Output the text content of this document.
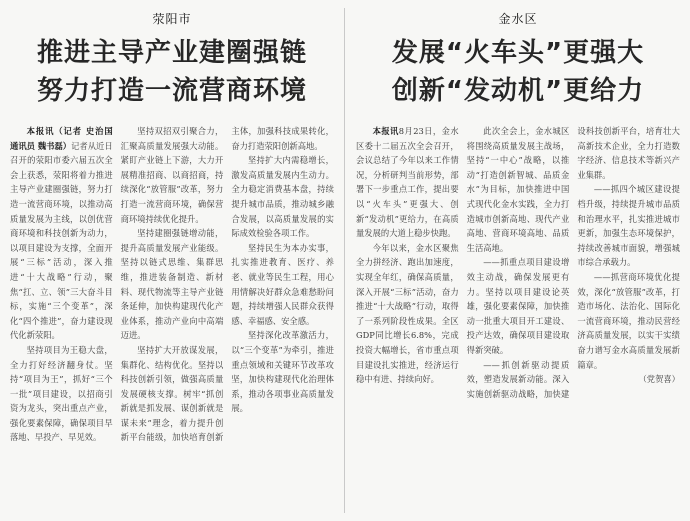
荥阳市
推进主导产业建圈强链
努力打造一流营商环境

本报讯（记者 史治国 通讯员 魏书磊）记者从近日召开的荥阳市委六届五次全会上获悉，荥阳将着力推进主导产业建圈强链，努力打造一流营商环境，以推动高质量发展为主线，以创优营商环境和科技创新为动力，以项目建设为支撑，全面开展“三标”活动，深入推进“十大战略”行动，聚焦“扛、立、领”三大奋斗目标，实施“三个变革”，深化“四个推进”，奋力建设现代化新荥阳。

坚持项目为王稳大盘，全力打好经济翻身仗。坚持“项目为王”，抓好“三个一批”项目建设，以招商引资为龙头，突出重点产业，强化要素保障，确保项目早落地、早投产、早见效。

坚持双招双引聚合力，汇聚高质量发展强大动能。紧盯产业链上下游，大力开展精准招商、以商招商，持续深化“放管服”改革，努力打造一流营商环境，确保营商环境持续优化提升。

坚持建圈强链增动能，提升高质量发展产业能级。坚持以链式思维、集群思维，推进装备制造、新材料、现代物流等主导产业链条延伸，加快构建现代化产业体系，推动产业向中高端迈进。

坚持扩大开放谋发展，集群化、结构优化。坚持以科技创新引领，做强高质量发展硬核支撑。树牢“抓创新就是抓发展、谋创新就是谋未来”理念，着力提升创新平台能级，加快培育创新主体，加强科技成果转化，奋力打造荥阳创新高地。

坚持扩大内需稳增长，激发高质量发展内生动力。全力稳定消费基本盘，持续提升城市品质，推动城乡融合发展，以高质量发展的实际成效检验各项工作。

坚持民生为本办实事，扎实推进教育、医疗、养老、就业等民生工程，用心用情解决好群众急难愁盼问题，持续增强人民群众获得感、幸福感、安全感。

坚持深化改革激活力，以“三个变革”为牵引，推进重点领域和关键环节改革攻坚，加快构建现代化治理体系，推动各项事业高质量发展。

金水区
发展“火车头”更强大
创新“发动机”更给力

本报讯8月23日，金水区委十二届五次全会召开，会议总结了今年以来工作情况，分析研判当前形势，部署下一步重点工作，提出要以“火车头”更强大、创新“发动机”更给力，在高质量发展的大道上稳步快跑。

今年以来，金水区聚焦全力拼经济、跑出加速度，实现全年红，确保高质量，深入开展“三标”活动，奋力推进“十大战略”行动，取得了一系列阶段性成果。全区GDP同比增长6.8%，完成投资大幅增长，省市重点项目建设扎实推进，经济运行稳中有进、持续向好。

此次全会上，金水城区将围绕高质量发展主战场，坚持“一中心”战略，以推动“打造创新智城、品质金水”为目标，加快推进中国式现代化金水实践，全力打造城市创新高地、现代产业高地、营商环境高地、品质生活高地。

——抓重点项目建设增效主动战，确保发展更有力。坚持以项目建设论英雄，强化要素保障，加快推动一批重大项目开工建设、投产达效，确保项目建设取得新突破。

——抓创新驱动提质效，塑造发展新动能。深入实施创新驱动战略，加快建设科技创新平台，培育壮大高新技术企业，全力打造数字经济、信息技术等新兴产业集群。

——抓四个城区建设提档升级，持续提升城市品质和治理水平，扎实推进城市更新，加强生态环境保护，持续改善城市面貌，增强城市综合承载力。

——抓营商环境优化提效，深化“放管服”改革，打造市场化、法治化、国际化一流营商环境，推动民营经济高质量发展，以实干实绩奋力谱写金水高质量发展新篇章。

（党贺喜）
